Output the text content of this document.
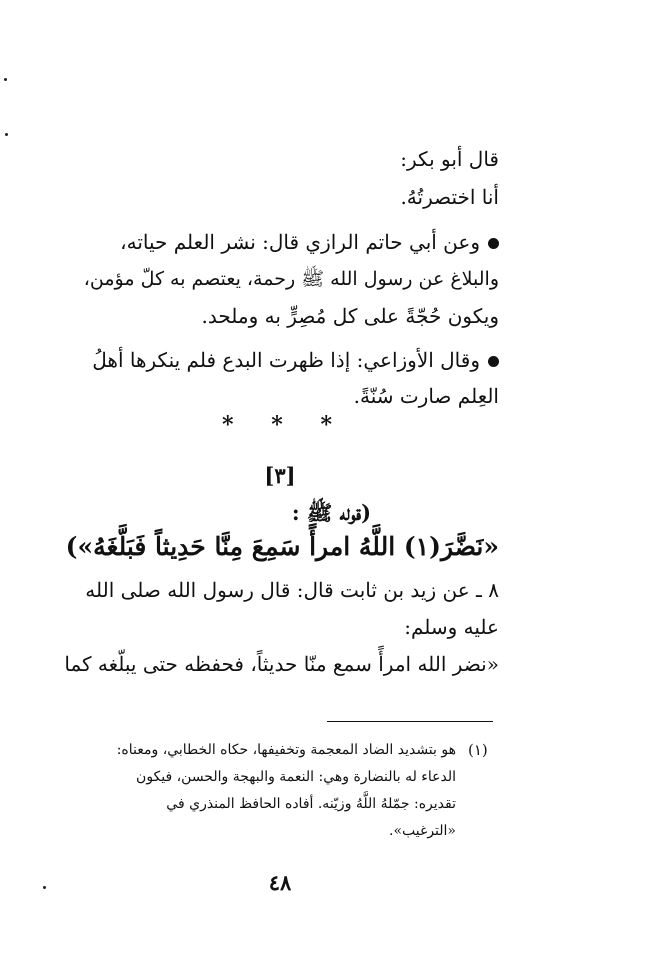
قال أبو بكر:
أنا اختصرتُهُ.
وعن أبي حاتم الرازي قال: نشر العلم حياته،
والبلاغ عن رسول الله ﷺ رحمة، يعتصم به كلّ مؤمن،
ويكون حُجّةً على كل مُصِرٍّ به وملحد.
وقال الأوزاعي: إذا ظهرت البدع فلم ينكرها أهلُ
العِلم صارت سُنّةً.
* * *
[٣]
(قوله ﷺ :
«نَضَّرَ(١) اللَّهُ امرأً سَمِعَ مِنَّا حَدِيثاً فَبَلَّغَهُ»)
٨ ـ عن زيد بن ثابت قال: قال رسول الله صلى الله
عليه وسلم:
«نضر الله امرأً سمع منّا حديثاً، فحفظه حتى يبلّغه كما
(١)
هو بتشديد الضاد المعجمة وتخفيفها، حكاه الخطابي، ومعناه:
الدعاء له بالنضارة وهي: النعمة والبهجة والحسن، فيكون
تقديره: جمّلهُ اللَّهُ وزيّنه. أفاده الحافظ المنذري في
«الترغيب».
٤٨
